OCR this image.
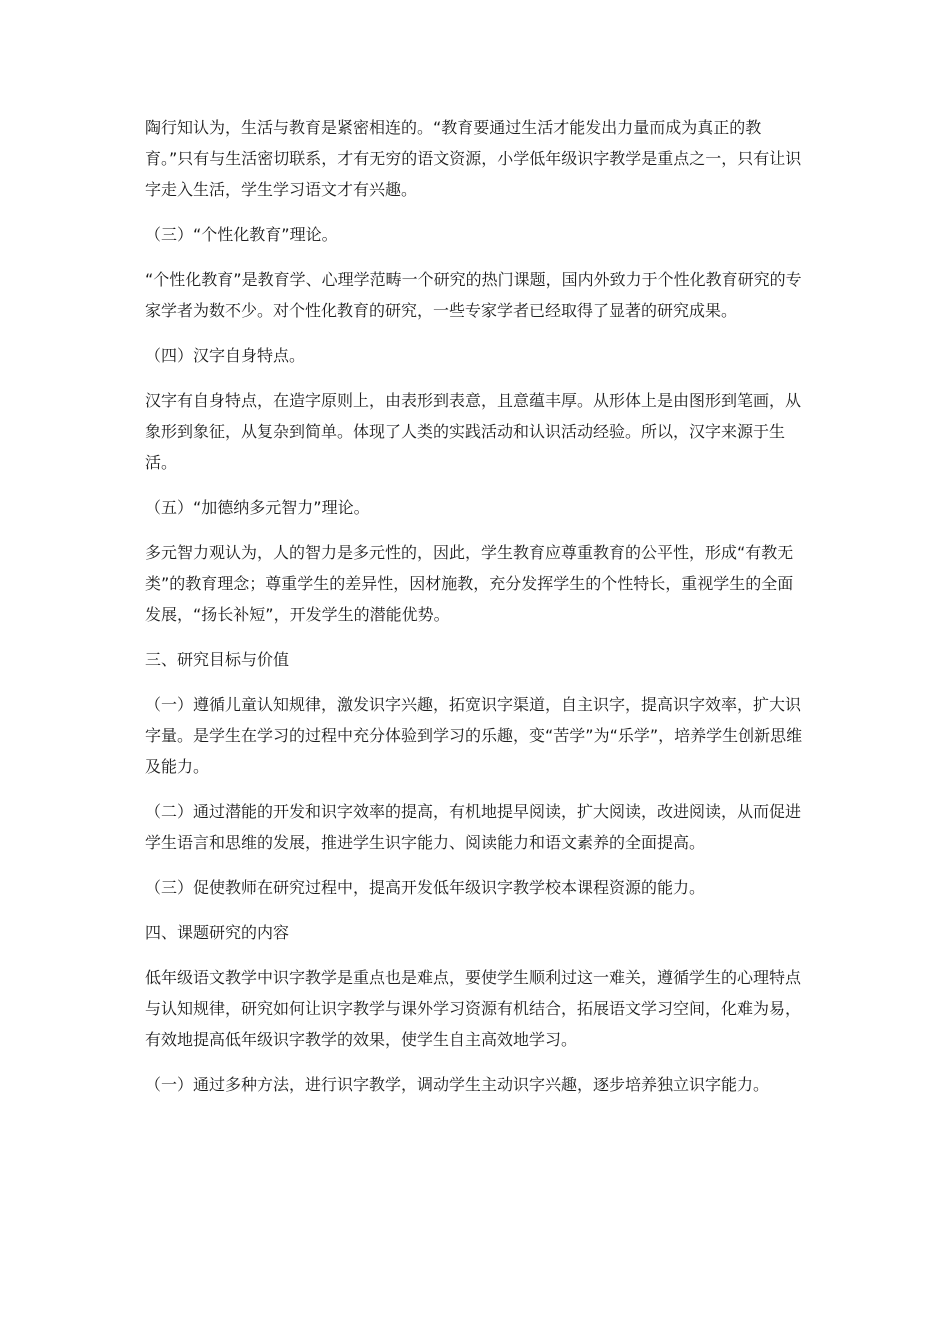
陶行知认为，生活与教育是紧密相连的。“教育要通过生活才能发出力量而成为真正的教育。”只有与生活密切联系，才有无穷的语文资源，小学低年级识字教学是重点之一，只有让识字走入生活，学生学习语文才有兴趣。

（三）“个性化教育”理论。

“个性化教育”是教育学、心理学范畴一个研究的热门课题，国内外致力于个性化教育研究的专家学者为数不少。对个性化教育的研究，一些专家学者已经取得了显著的研究成果。

（四）汉字自身特点。

汉字有自身特点，在造字原则上，由表形到表意，且意蕴丰厚。从形体上是由图形到笔画，从象形到象征，从复杂到简单。体现了人类的实践活动和认识活动经验。所以，汉字来源于生活。

（五）“加德纳多元智力”理论。

多元智力观认为，人的智力是多元性的，因此，学生教育应尊重教育的公平性，形成“有教无类”的教育理念；尊重学生的差异性，因材施教，充分发挥学生的个性特长，重视学生的全面发展，“扬长补短”，开发学生的潜能优势。

三、研究目标与价值

（一）遵循儿童认知规律，激发识字兴趣，拓宽识字渠道，自主识字，提高识字效率，扩大识字量。是学生在学习的过程中充分体验到学习的乐趣，变“苦学”为“乐学”，培养学生创新思维及能力。

（二）通过潜能的开发和识字效率的提高，有机地提早阅读，扩大阅读，改进阅读，从而促进学生语言和思维的发展，推进学生识字能力、阅读能力和语文素养的全面提高。

（三）促使教师在研究过程中，提高开发低年级识字教学校本课程资源的能力。

四、课题研究的内容

低年级语文教学中识字教学是重点也是难点，要使学生顺利过这一难关，遵循学生的心理特点与认知规律，研究如何让识字教学与课外学习资源有机结合，拓展语文学习空间，化难为易，有效地提高低年级识字教学的效果，使学生自主高效地学习。

（一）通过多种方法，进行识字教学，调动学生主动识字兴趣，逐步培养独立识字能力。
